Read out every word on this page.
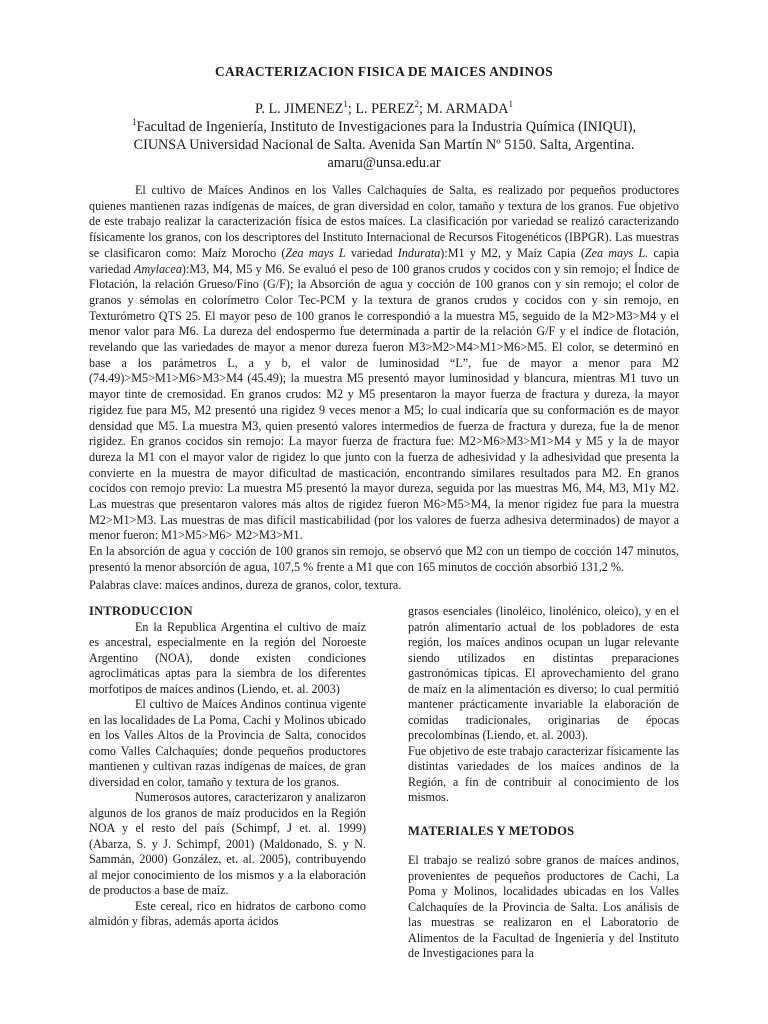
CARACTERIZACION FISICA DE MAICES ANDINOS
P. L. JIMENEZ$^1$; L. PEREZ$^2$; M. ARMADA$^1$
$^1$Facultad de Ingeniería, Instituto de Investigaciones para la Industria Química (INIQUI),
CIUNSA Universidad Nacional de Salta. Avenida San Martín Nº 5150. Salta, Argentina.
amaru@unsa.edu.ar

El cultivo de Maíces Andinos en los Valles Calchaquíes de Salta, es realizado por pequeños productores quienes mantienen razas indígenas de maíces, de gran diversidad en color, tamaño y textura de los granos. Fue objetivo de este trabajo realizar la caracterización física de estos maíces. La clasificación por variedad se realizó caracterizando físicamente los granos, con los descriptores del Instituto Internacional de Recursos Fitogenéticos (IBPGR). Las muestras se clasificaron como: Maíz Morocho (Zea mays L variedad Indurata):M1 y M2, y Maíz Capia (Zea mays L. capia variedad Amylacea):M3, M4, M5 y M6. Se evaluó el peso de 100 granos crudos y cocidos con y sin remojo; el Índice de Flotación, la relación Grueso/Fino (G/F); la Absorción de agua y cocción de 100 granos con y sin remojo; el color de granos y sémolas en colorímetro Color Tec-PCM y la textura de granos crudos y cocidos con y sin remojo, en Texturómetro QTS 25. El mayor peso de 100 granos le correspondió a la muestra M5, seguido de la M2>M3>M4 y el menor valor para M6. La dureza del endospermo fue determinada a partir de la relación G/F y el índice de flotación, revelando que las variedades de mayor a menor dureza fueron M3>M2>M4>M1>M6>M5. El color, se determinó en base a los parámetros L, a y b, el valor de luminosidad “L”, fue de mayor a menor para M2 (74.49)>M5>M1>M6>M3>M4 (45.49); la muestra M5 presentó mayor luminosidad y blancura, mientras M1 tuvo un mayor tinte de cremosidad. En granos crudos: M2 y M5 presentaron la mayor fuerza de fractura y dureza, la mayor rigidez fue para M5, M2 presentó una rigidez 9 veces menor a M5; lo cual indicaría que su conformación es de mayor densidad que M5. La muestra M3, quien presentó valores intermedios de fuerza de fractura y dureza, fue la de menor rigidez. En granos cocidos sin remojo: La mayor fuerza de fractura fue: M2>M6>M3>M1>M4 y M5 y la de mayor dureza la M1 con el mayor valor de rigidez lo que junto con la fuerza de adhesividad y la adhesividad que presenta la convierte en la muestra de mayor dificultad de masticación, encontrando similares resultados para M2. En granos cocidos con remojo previo: La muestra M5 presentó la mayor dureza, seguida por las muestras M6, M4, M3, M1y M2. Las muestras que presentaron valores más altos de rigidez fueron M6>M5>M4, la menor rigidez fue para la muestra M2>M1>M3. Las muestras de mas difícil masticabilidad (por los valores de fuerza adhesiva determinados) de mayor a menor fueron: M1>M5>M6> M2>M3>M1.

En la absorción de agua y cocción de 100 granos sin remojo, se observó que M2 con un tiempo de cocción 147 minutos, presentó la menor absorción de agua, 107,5 % frente a M1 que con 165 minutos de cocción absorbió 131,2 %.

Palabras clave: maíces andinos, dureza de granos, color, textura.
INTRODUCCION

En la Republica Argentina el cultivo de maíz es ancestral, especialmente en la región del Noroeste Argentino (NOA), donde existen condiciones agroclimáticas aptas para la siembra de los diferentes morfotipos de maíces andinos (Liendo, et. al. 2003)

El cultivo de Maíces Andinos continua vigente en las localidades de La Poma, Cachi y Molinos ubicado en los Valles Altos de la Provincia de Salta, conocidos como Valles Calchaquíes; donde pequeños productores mantienen y cultivan razas indígenas de maíces, de gran diversidad en color, tamaño y textura de los granos.

Numerosos autores, caracterizaron y analizaron algunos de los granos de maíz producidos en la Región NOA y el resto del país (Schimpf, J et. al. 1999) (Abarza, S. y J. Schimpf, 2001) (Maldonado, S. y N. Sammán, 2000) González, et. al. 2005), contribuyendo al mejor conocimiento de los mismos y a la elaboración de productos a base de maíz.

Este cereal, rico en hidratos de carbono como almidón y fibras, además aporta ácidos

grasos esenciales (linoléico, linolénico, oleico), y en el patrón alimentario actual de los pobladores de esta región, los maíces andinos ocupan un lugar relevante siendo utilizados en distintas preparaciones gastronómicas típicas. El aprovechamiento del grano de maíz en la alimentación es diverso; lo cual permitió mantener prácticamente invariable la elaboración de comidas tradicionales, originarias de épocas precolombinas (Liendo, et. al. 2003).

Fue objetivo de este trabajo caracterizar físicamente las distintas variedades de los maíces andinos de la Región, a fin de contribuir al conocimiento de los mismos.

MATERIALES Y METODOS

El trabajo se realizó sobre granos de maíces andinos, provenientes de pequeños productores de Cachi, La Poma y Molinos, localidades ubicadas en los Valles Calchaquíes de la Provincia de Salta. Los análisis de las muestras se realizaron en el Laboratorio de Alimentos de la Facultad de Ingeniería y del Instituto de Investigaciones para la
